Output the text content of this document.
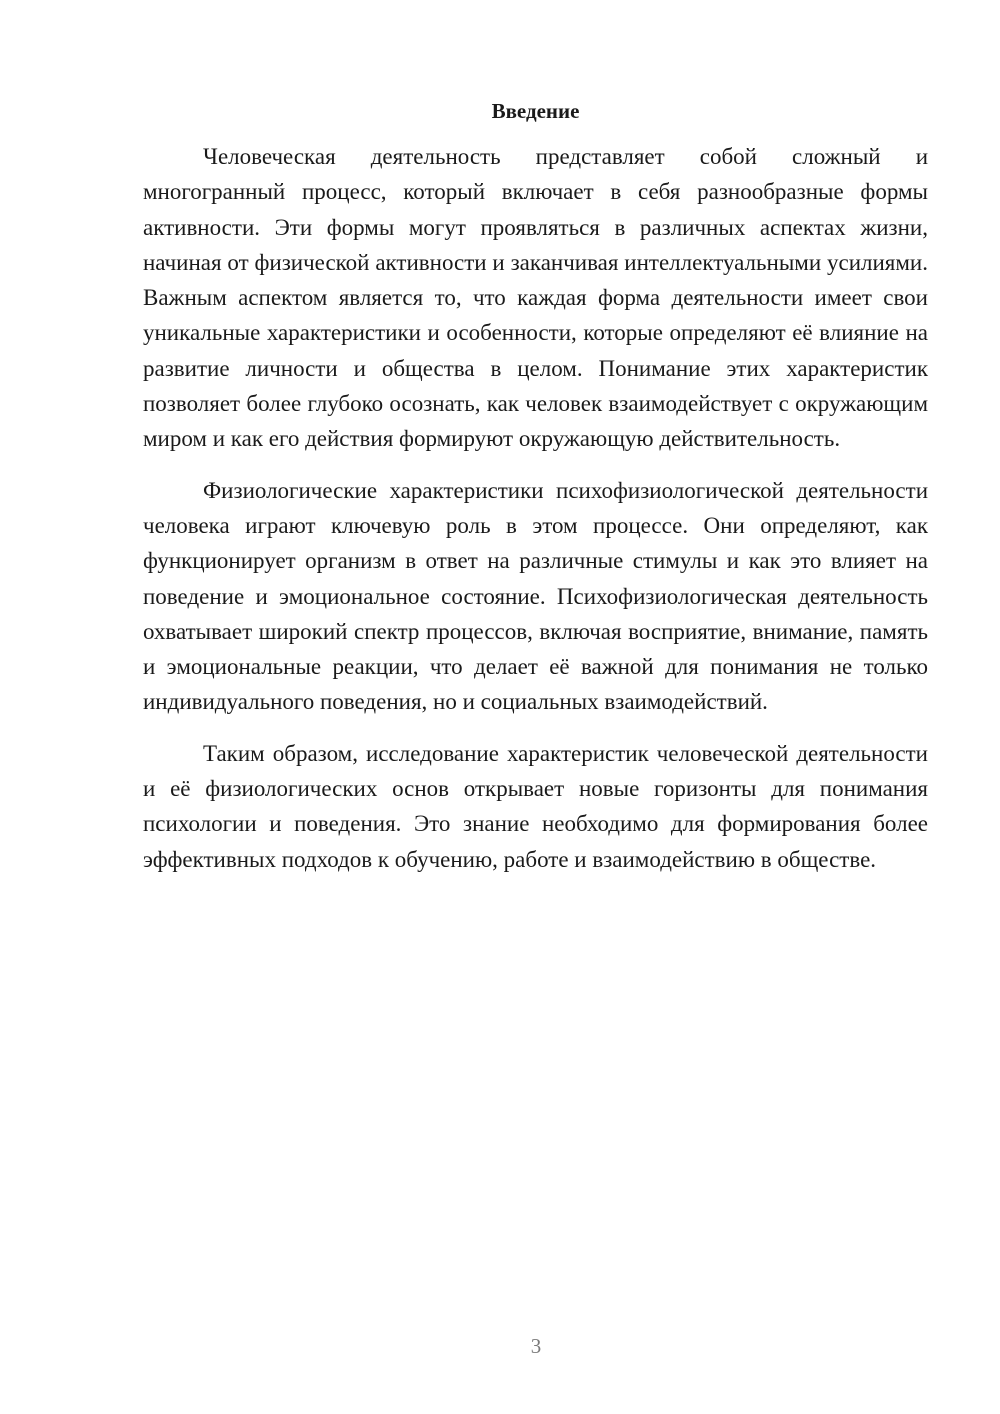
Введение

Человеческая деятельность представляет собой сложный и многогранный процесс, который включает в себя разнообразные формы активности. Эти формы могут проявляться в различных аспектах жизни, начиная от физической активности и заканчивая интеллектуальными усилиями. Важным аспектом является то, что каждая форма деятельности имеет свои уникальные характеристики и особенности, которые определяют её влияние на развитие личности и общества в целом. Понимание этих характеристик позволяет более глубоко осознать, как человек взаимодействует с окружающим миром и как его действия формируют окружающую действительность.

Физиологические характеристики психофизиологической деятельности человека играют ключевую роль в этом процессе. Они определяют, как функционирует организм в ответ на различные стимулы и как это влияет на поведение и эмоциональное состояние. Психофизиологическая деятельность охватывает широкий спектр процессов, включая восприятие, внимание, память и эмоциональные реакции, что делает её важной для понимания не только индивидуального поведения, но и социальных взаимодействий.

Таким образом, исследование характеристик человеческой деятельности и её физиологических основ открывает новые горизонты для понимания психологии и поведения. Это знание необходимо для формирования более эффективных подходов к обучению, работе и взаимодействию в обществе.

3
